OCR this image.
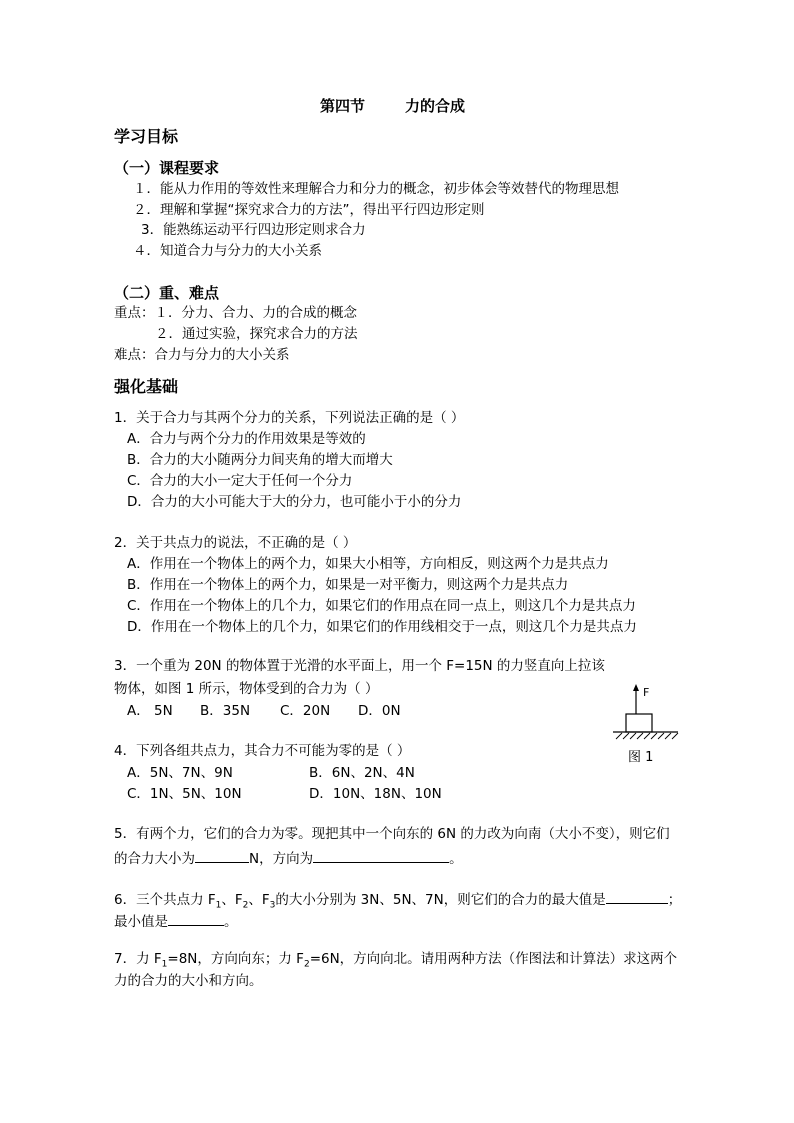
第四节	力的合成
学习目标
（一）课程要求
１．能从力作用的等效性来理解合力和分力的概念，初步体会等效替代的物理思想
２．理解和掌握“探究求合力的方法”，得出平行四边形定则
3．能熟练运动平行四边形定则求合力
４．知道合力与分力的大小关系
（二）重、难点
重点：１．分力、合力、力的合成的概念
２．通过实验，探究求合力的方法
难点：合力与分力的大小关系
强化基础
1．关于合力与其两个分力的关系，下列说法正确的是（ ）
A．合力与两个分力的作用效果是等效的
B．合力的大小随两分力间夹角的增大而增大
C．合力的大小一定大于任何一个分力
D．合力的大小可能大于大的分力，也可能小于小的分力
2．关于共点力的说法，不正确的是（ ）
A．作用在一个物体上的两个力，如果大小相等，方向相反，则这两个力是共点力
B．作用在一个物体上的两个力，如果是一对平衡力，则这两个力是共点力
C．作用在一个物体上的几个力，如果它们的作用点在同一点上，则这几个力是共点力
D．作用在一个物体上的几个力，如果它们的作用线相交于一点，则这几个力是共点力
3．一个重为 20N 的物体置于光滑的水平面上，用一个 F=15N 的力竖直向上拉该
物体，如图 1 所示，物体受到的合力为（ ）
A． 5N B．35N C．20N D．0N
F
图 1
4．下列各组共点力，其合力不可能为零的是（ ）
A．5N、7N、9N	B．6N、2N、4N
C．1N、5N、10N	D．10N、18N、10N
5．有两个力，它们的合力为零。现把其中一个向东的 6N 的力改为向南（大小不变），则它们
的合力大小为	N，方向为	。
6．三个共点力 $F_1$、$F_2$、$F_3$的大小分别为 3N、5N、7N，则它们的合力的最大值是	；
最小值是	。
7．力 $F_1=8N$，方向向东；力 $F_2=6N$，方向向北。请用两种方法（作图法和计算法）求这两个
力的合力的大小和方向。
